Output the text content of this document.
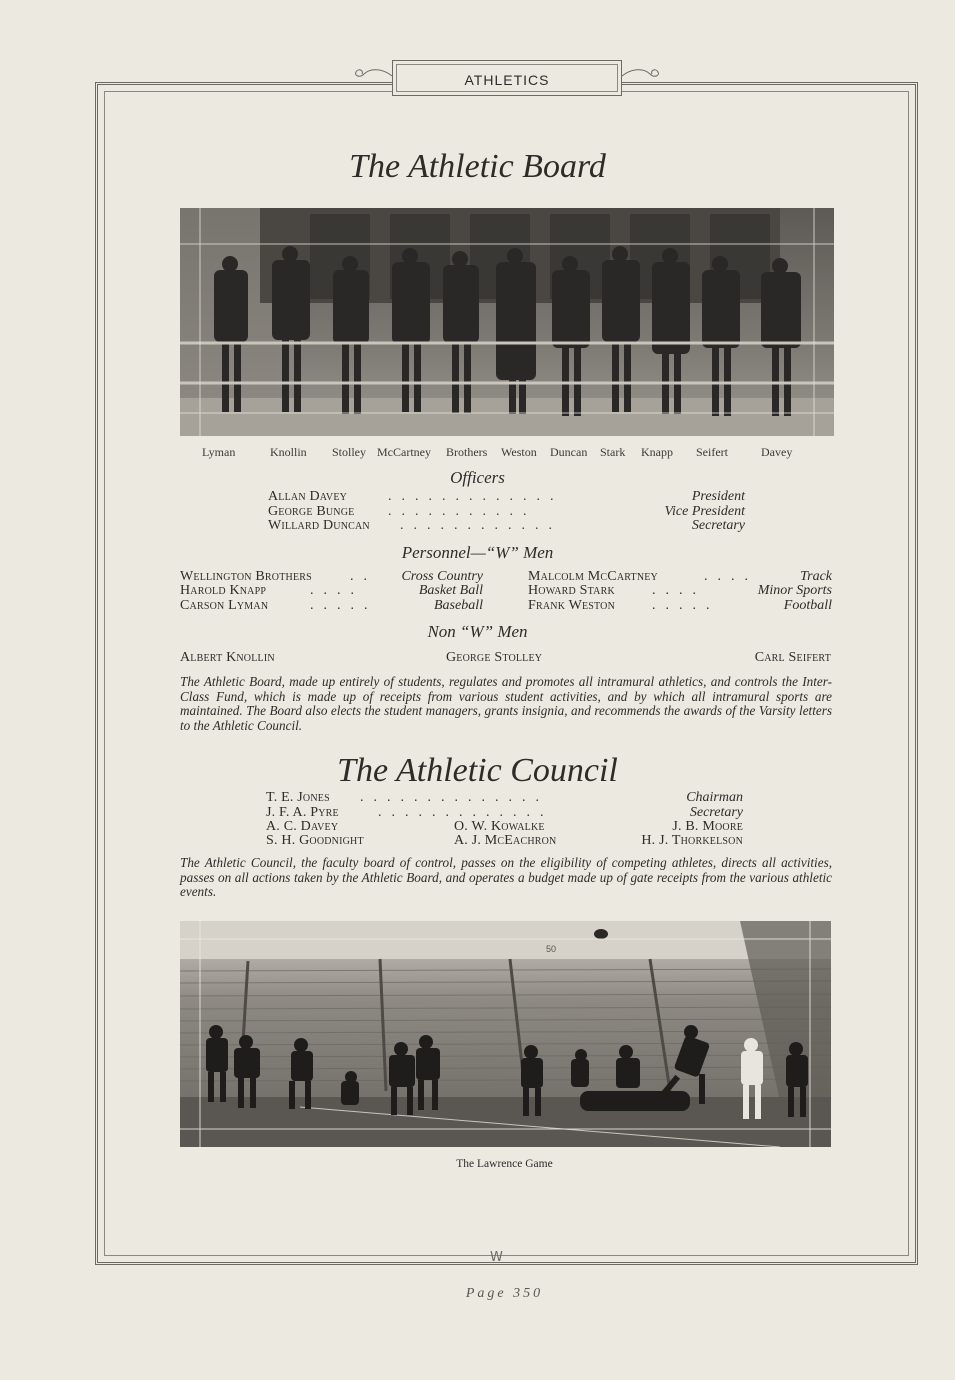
ATHLETICS
The Athletic Board
Lyman	Knollin Stolley McCartney Brothers Weston Duncan Stark Knapp Seifert	Davey
Officers
Allan Davey	.............	President
George Bunge ...........	Vice President
Willard Duncan ............	Secretary
Personnel—“W” Men
Wellington Brothers	.. Cross Country
Harold Knapp	....	Basket Ball
Carson Lyman	.....	Baseball
Malcolm McCartney	....	Track
Howard Stark	....	Minor Sports
Frank Weston	.....	Football
Non “W” Men
Albert Knollin	George Stolley	Carl Seifert
The Athletic Board, made up entirely of students, regulates and promotes all intramural athletics, and controls the Inter-Class Fund, which is made up of receipts from various student activities, and by which all intramural sports are maintained. The Board also elects the student managers, grants insignia, and recommends the awards of the Varsity letters to the Athletic Council.
The Athletic Council
T. E. Jones ..............	Chairman
J. F. A. Pyre	.............	Secretary
A. C. Davey	O. W. Kowalke	J. B. Moore
S. H. Goodnight	A. J. McEachron	H. J. Thorkelson
The Athletic Council, the faculty board of control, passes on the eligibility of competing athletes, directs all activities, passes on all actions taken by the Athletic Board, and operates a budget made up of gate receipts from the various athletic events.
50
The Lawrence Game
W
Page 350
